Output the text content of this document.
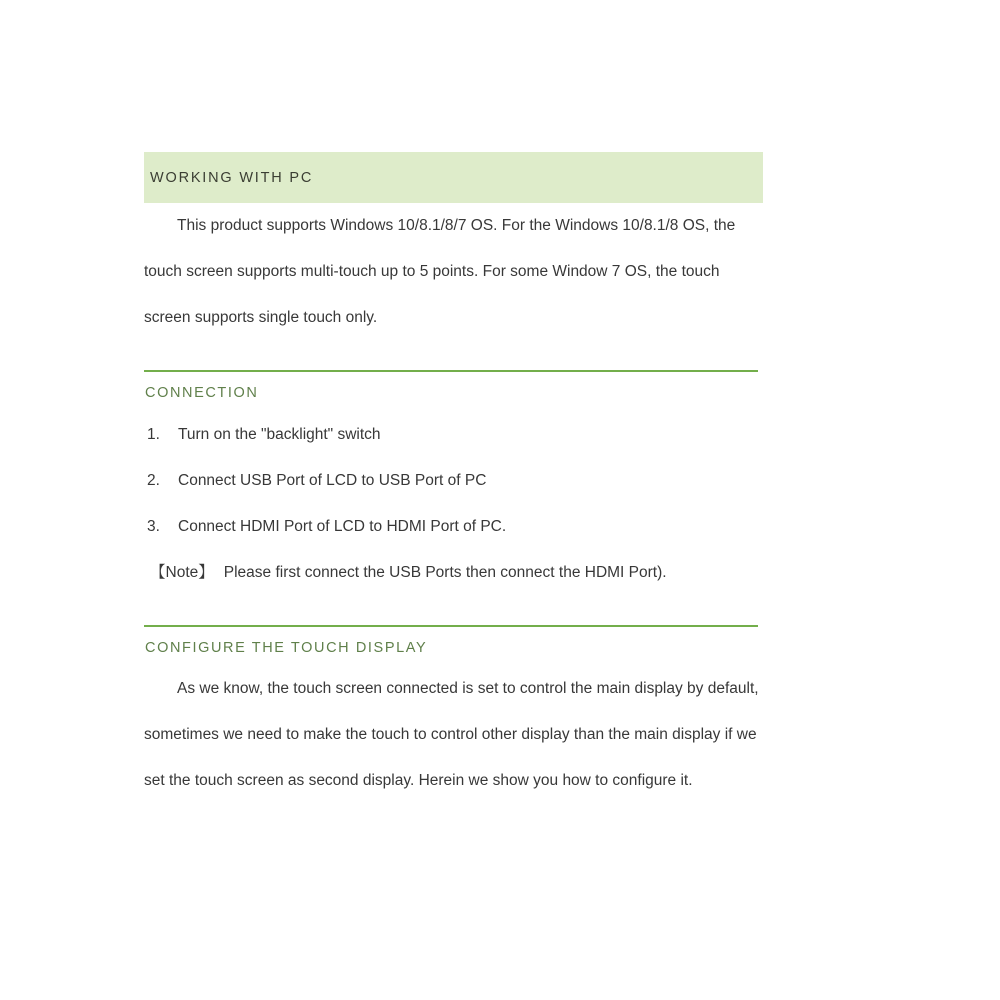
WORKING WITH PC

This product supports Windows 10/8.1/8/7 OS. For the Windows 10/8.1/8 OS, the touch screen supports multi-touch up to 5 points. For some Window 7 OS, the touch screen supports single touch only.

CONNECTION
1.	Turn on the "backlight" switch
2.	Connect USB Port of LCD to USB Port of PC
3.	Connect HDMI Port of LCD to HDMI Port of PC.

【Note】 Please first connect the USB Ports then connect the HDMI Port).

CONFIGURE THE TOUCH DISPLAY

As we know, the touch screen connected is set to control the main display by default, sometimes we need to make the touch to control other display than the main display if we set the touch screen as second display. Herein we show you how to configure it.
